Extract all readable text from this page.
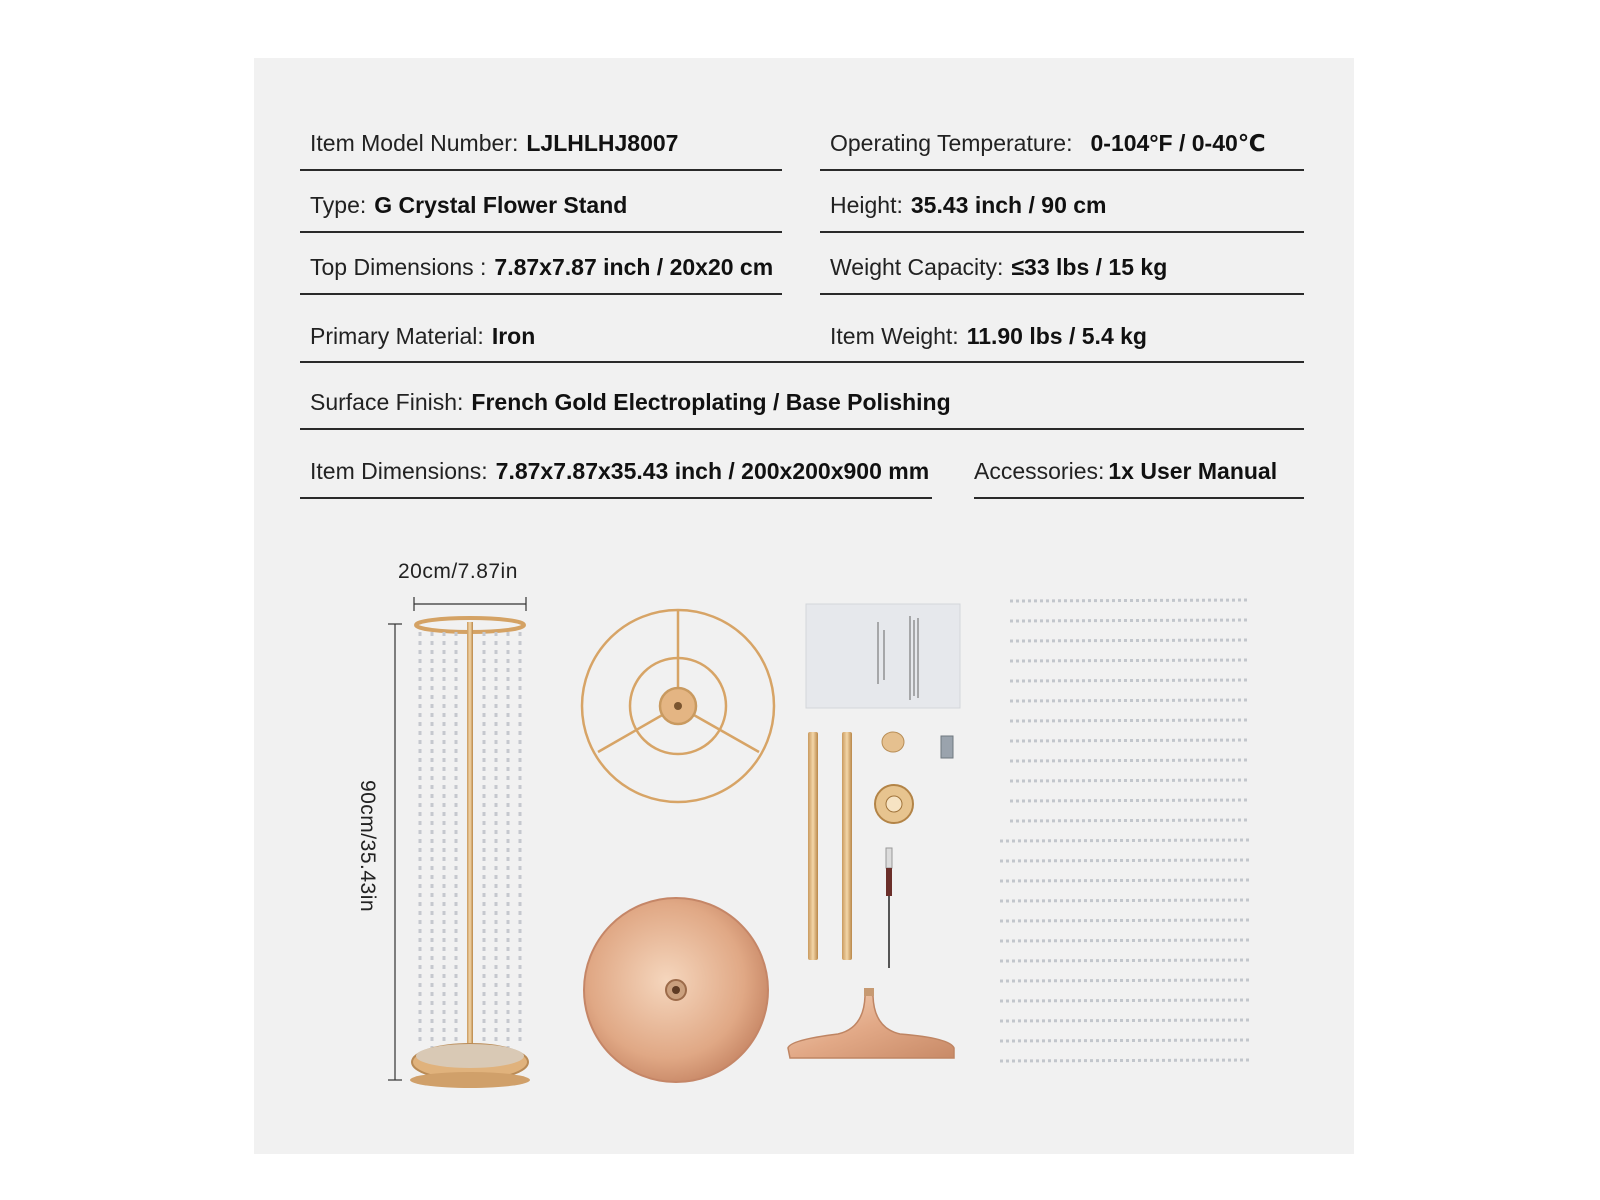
Item Model Number: LJLHLHJ8007	Operating Temperature: 0-104°F / 0-40℃
Type: G Crystal Flower Stand	Height: 35.43 inch / 90 cm
Top Dimensions : 7.87x7.87 inch / 20x20 cm	Weight Capacity: ≤33 lbs / 15 kg
Primary Material: Iron	Item Weight: 11.90 lbs / 5.4 kg
Surface Finish: French Gold Electroplating / Base Polishing
Item Dimensions: 7.87x7.87x35.43 inch / 200x200x900 mm Accessories: 1x User Manual
20cm/7.87in
90cm/35.43in
